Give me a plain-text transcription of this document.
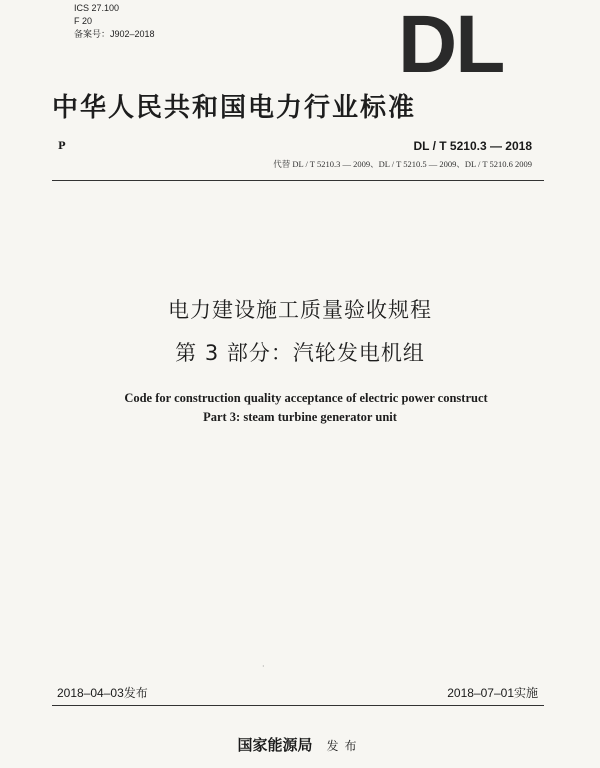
ICS 27.100
F 20
备案号：J902–2018	DL
中华人民共和国电力行业标准
P	DL / T 5210.3 — 2018
代替 DL / T 5210.3 — 2009、DL / T 5210.5 — 2009、DL / T 5210.6 2009
电力建设施工质量验收规程
第 3 部分：汽轮发电机组
Code for construction quality acceptance of electric power construct
Part 3: steam turbine generator unit
·
2018–04–03发布	2018–07–01实施
国家能源局 发布
